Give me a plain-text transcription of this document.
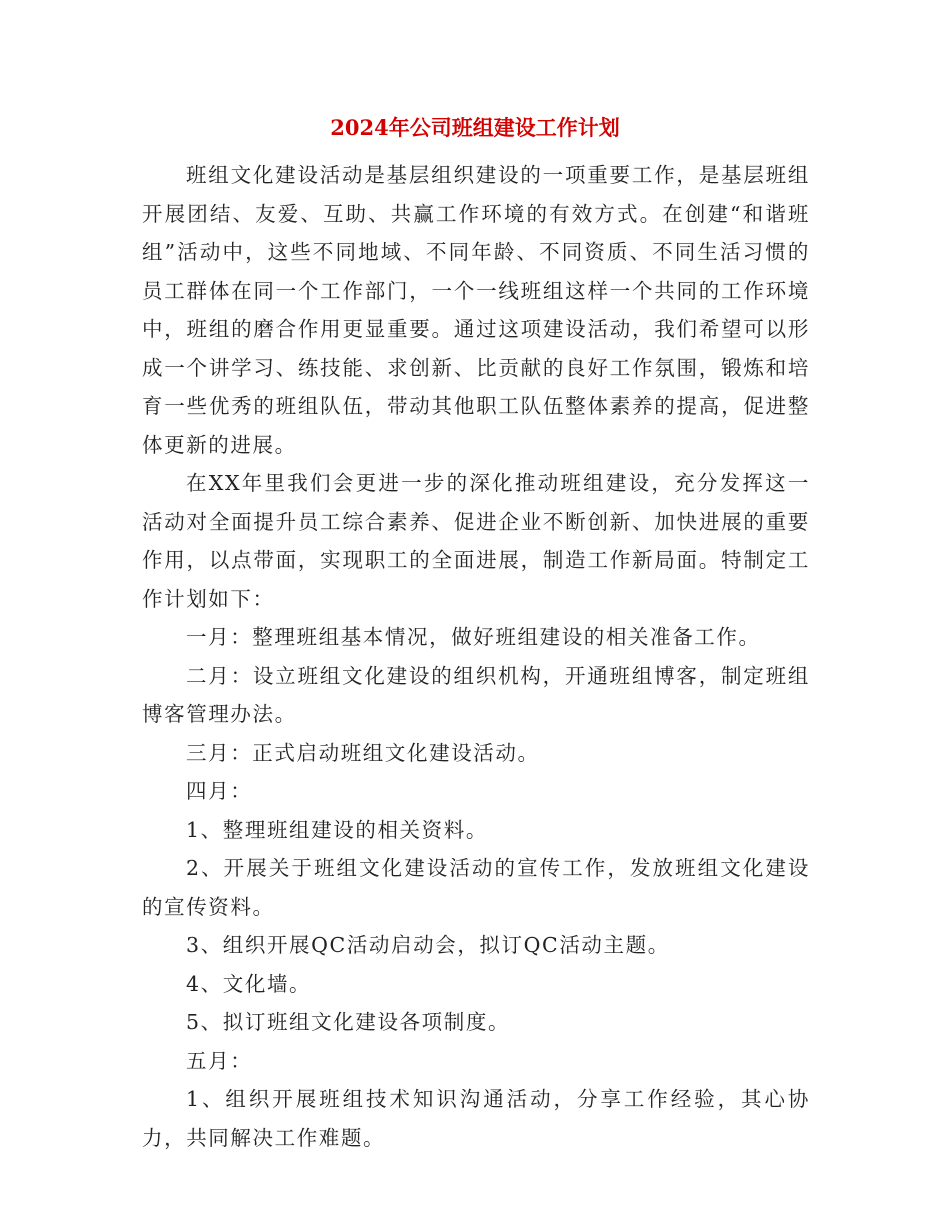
2024年公司班组建设工作计划

班组文化建设活动是基层组织建设的一项重要工作，是基层班组开展团结、友爱、互助、共赢工作环境的有效方式。在创建“和谐班组”活动中，这些不同地域、不同年龄、不同资质、不同生活习惯的员工群体在同一个工作部门，一个一线班组这样一个共同的工作环境中，班组的磨合作用更显重要。通过这项建设活动，我们希望可以形成一个讲学习、练技能、求创新、比贡献的良好工作氛围，锻炼和培育一些优秀的班组队伍，带动其他职工队伍整体素养的提高，促进整体更新的进展。

在XX年里我们会更进一步的深化推动班组建设，充分发挥这一活动对全面提升员工综合素养、促进企业不断创新、加快进展的重要作用，以点带面，实现职工的全面进展，制造工作新局面。特制定工作计划如下：

一月：整理班组基本情况，做好班组建设的相关准备工作。

二月：设立班组文化建设的组织机构，开通班组博客，制定班组博客管理办法。

三月：正式启动班组文化建设活动。

四月：

1、整理班组建设的相关资料。

2、开展关于班组文化建设活动的宣传工作，发放班组文化建设的宣传资料。

3、组织开展QC活动启动会，拟订QC活动主题。

4、文化墙。

5、拟订班组文化建设各项制度。

五月：

1、组织开展班组技术知识沟通活动，分享工作经验，其心协力，共同解决工作难题。
